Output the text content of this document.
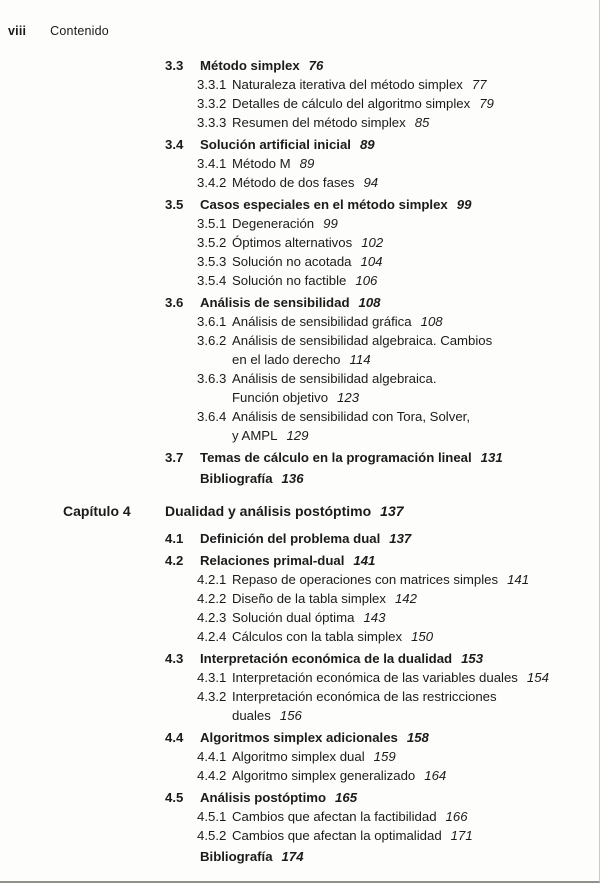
viii Contenido
3.3	Método simplex 76
3.3.1 Naturaleza iterativa del método simplex 77
3.3.2 Detalles de cálculo del algoritmo simplex 79
3.3.3 Resumen del método simplex 85
3.4	Solución artificial inicial 89
3.4.1 Método M 89
3.4.2 Método de dos fases 94
3.5	Casos especiales en el método simplex 99
3.5.1 Degeneración 99
3.5.2 Óptimos alternativos 102
3.5.3 Solución no acotada 104
3.5.4 Solución no factible 106
3.6	Análisis de sensibilidad 108
3.6.1 Análisis de sensibilidad gráfica 108
3.6.2 Análisis de sensibilidad algebraica. Cambios
en el lado derecho 114
3.6.3 Análisis de sensibilidad algebraica.
Función objetivo 123
3.6.4 Análisis de sensibilidad con Tora, Solver,
y AMPL 129
3.7	Temas de cálculo en la programación lineal 131
Bibliografía 136
Capítulo 4	Dualidad y análisis postóptimo 137
4.1	Definición del problema dual 137
4.2	Relaciones primal-dual 141
4.2.1 Repaso de operaciones con matrices simples 141
4.2.2 Diseño de la tabla simplex 142
4.2.3 Solución dual óptima 143
4.2.4 Cálculos con la tabla simplex 150
4.3	Interpretación económica de la dualidad 153
4.3.1 Interpretación económica de las variables duales 154
4.3.2 Interpretación económica de las restricciones
duales 156
4.4	Algoritmos simplex adicionales 158
4.4.1 Algoritmo simplex dual 159
4.4.2 Algoritmo simplex generalizado 164
4.5	Análisis postóptimo 165
4.5.1 Cambios que afectan la factibilidad 166
4.5.2 Cambios que afectan la optimalidad 171
Bibliografía 174
